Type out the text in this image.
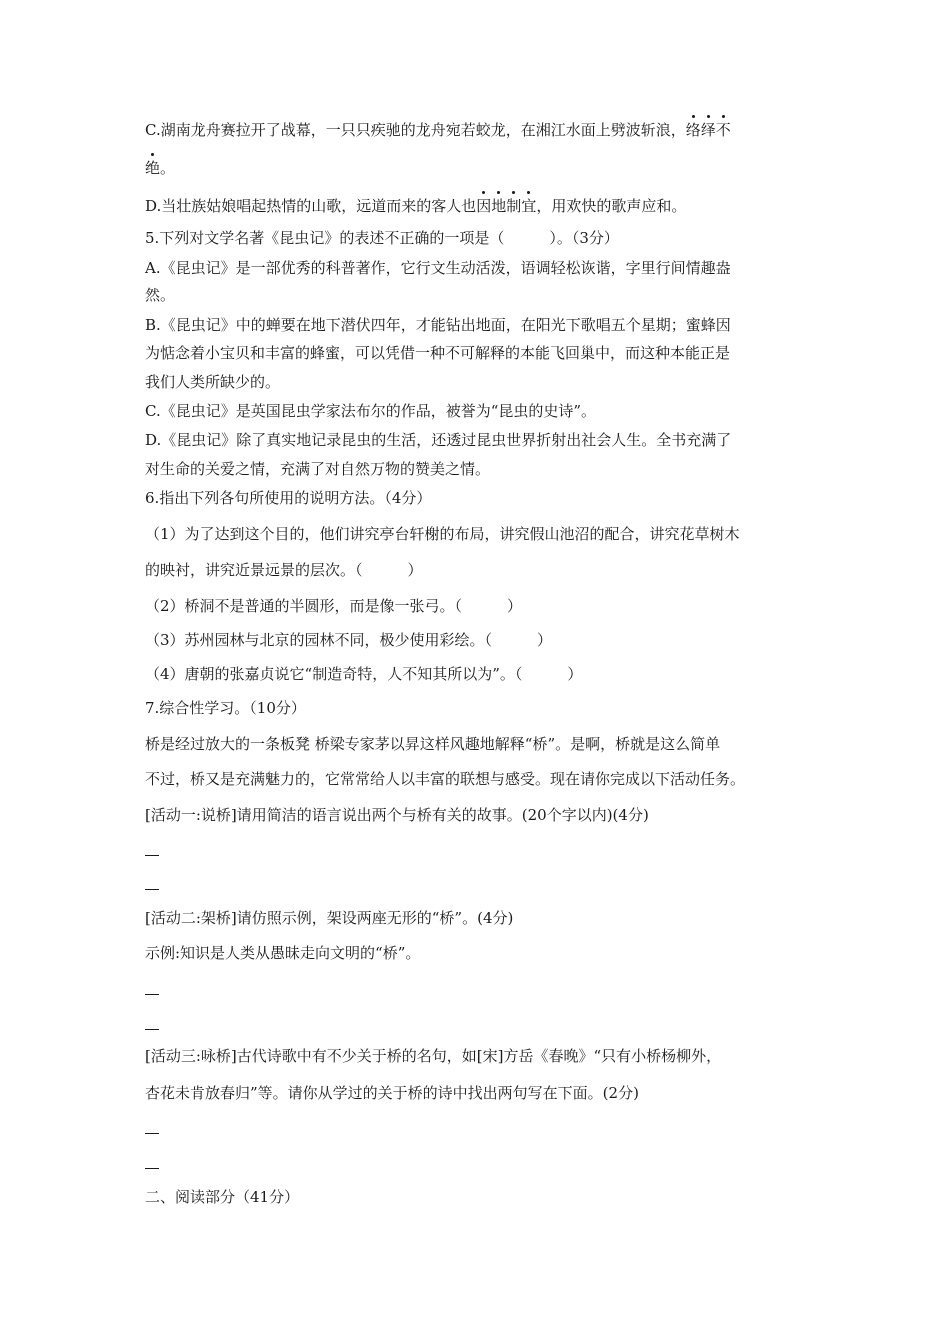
C.湖南龙舟赛拉开了战幕，一只只疾驰的龙舟宛若蛟龙，在湘江水面上劈波斩浪，络绎不
绝。
D.当壮族姑娘唱起热情的山歌，远道而来的客人也因地制宜，用欢快的歌声应和。
5.下列对文学名著《昆虫记》的表述不正确的一项是（　　　）。（3分）
A.《昆虫记》是一部优秀的科普著作，它行文生动活泼，语调轻松诙谐，字里行间情趣盎
然。
B.《昆虫记》中的蝉要在地下潜伏四年，才能钻出地面，在阳光下歌唱五个星期；蜜蜂因
为惦念着小宝贝和丰富的蜂蜜，可以凭借一种不可解释的本能飞回巢中，而这种本能正是
我们人类所缺少的。
C.《昆虫记》是英国昆虫学家法布尔的作品，被誉为“昆虫的史诗”。
D.《昆虫记》除了真实地记录昆虫的生活，还透过昆虫世界折射出社会人生。全书充满了
对生命的关爱之情，充满了对自然万物的赞美之情。
6.指出下列各句所使用的说明方法。（4分）
（1）为了达到这个目的，他们讲究亭台轩榭的布局，讲究假山池沼的配合，讲究花草树木
的映衬，讲究近景远景的层次。（　　　）
（2）桥洞不是普通的半圆形，而是像一张弓。（　　　）
（3）苏州园林与北京的园林不同，极少使用彩绘。（　　　）
（4）唐朝的张嘉贞说它“制造奇特，人不知其所以为”。（　　　）
7.综合性学习。（10分）
桥是经过放大的一条板凳 桥梁专家茅以昇这样风趣地解释“桥”。是啊，桥就是这么简单
不过，桥又是充满魅力的，它常常给人以丰富的联想与感受。现在请你完成以下活动任务。
[活动一:说桥]请用简洁的语言说出两个与桥有关的故事。(20个字以内)(4分)
[活动二:架桥]请仿照示例，架设两座无形的“桥”。(4分)
示例:知识是人类从愚昧走向文明的“桥”。
[活动三:咏桥]古代诗歌中有不少关于桥的名句，如[宋]方岳《春晚》“只有小桥杨柳外，
杏花未肯放春归”等。请你从学过的关于桥的诗中找出两句写在下面。(2分)
二、阅读部分（41分）
